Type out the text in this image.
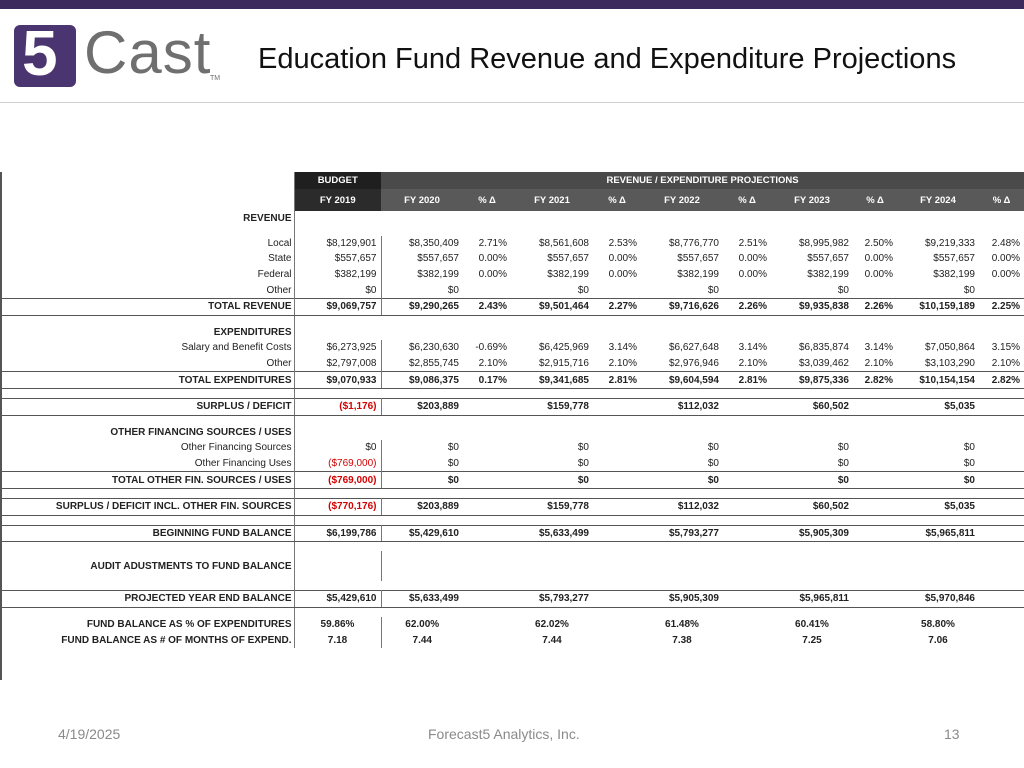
5 Cast
TM
Education Fund Revenue and Expenditure Projections
	BUDGET	REVENUE / EXPENDITURE PROJECTIONS									
	FY 2019	FY 2020	% Δ	FY 2021	% Δ	FY 2022	% Δ	FY 2023	% Δ	FY 2024	% Δ
REVENUE											

Local	$8,129,901	$8,350,409	2.71%	$8,561,608	2.53%	$8,776,770	2.51%	$8,995,982	2.50%	$9,219,333	2.48%
State	$557,657	$557,657	0.00%	$557,657	0.00%	$557,657	0.00%	$557,657	0.00%	$557,657	0.00%
Federal	$382,199	$382,199	0.00%	$382,199	0.00%	$382,199	0.00%	$382,199	0.00%	$382,199	0.00%
Other	$0	$0		$0		$0		$0		$0	
TOTAL REVENUE	$9,069,757	$9,290,265	2.43%	$9,501,464	2.27%	$9,716,626	2.26%	$9,935,838	2.26%	$10,159,189	2.25%

EXPENDITURES											
Salary and Benefit Costs	$6,273,925	$6,230,630	-0.69%	$6,425,969	3.14%	$6,627,648	3.14%	$6,835,874	3.14%	$7,050,864	3.15%
Other	$2,797,008	$2,855,745	2.10%	$2,915,716	2.10%	$2,976,946	2.10%	$3,039,462	2.10%	$3,103,290	2.10%
TOTAL EXPENDITURES	$9,070,933	$9,086,375	0.17%	$9,341,685	2.81%	$9,604,594	2.81%	$9,875,336	2.82%	$10,154,154	2.82%

SURPLUS / DEFICIT	($1,176)	$203,889		$159,778		$112,032		$60,502		$5,035	

OTHER FINANCING SOURCES / USES											
Other Financing Sources	$0	$0		$0		$0		$0		$0	
Other Financing Uses	($769,000)	$0		$0		$0		$0		$0	
TOTAL OTHER FIN. SOURCES / USES	($769,000)	$0		$0		$0		$0		$0	

SURPLUS / DEFICIT INCL. OTHER FIN. SOURCES	($770,176)	$203,889		$159,778		$112,032		$60,502		$5,035	

BEGINNING FUND BALANCE	$6,199,786	$5,429,610		$5,633,499		$5,793,277		$5,905,309		$5,965,811	

AUDIT ADUSTMENTS TO FUND BALANCE											

PROJECTED YEAR END BALANCE	$5,429,610	$5,633,499		$5,793,277		$5,905,309		$5,965,811		$5,970,846	

FUND BALANCE AS % OF EXPENDITURES	59.86%	62.00%		62.02%		61.48%		60.41%		58.80%	
FUND BALANCE AS # OF MONTHS OF EXPEND.	7.18	7.44		7.44		7.38		7.25		7.06	
4/19/2025	Forecast5 Analytics, Inc.	13
